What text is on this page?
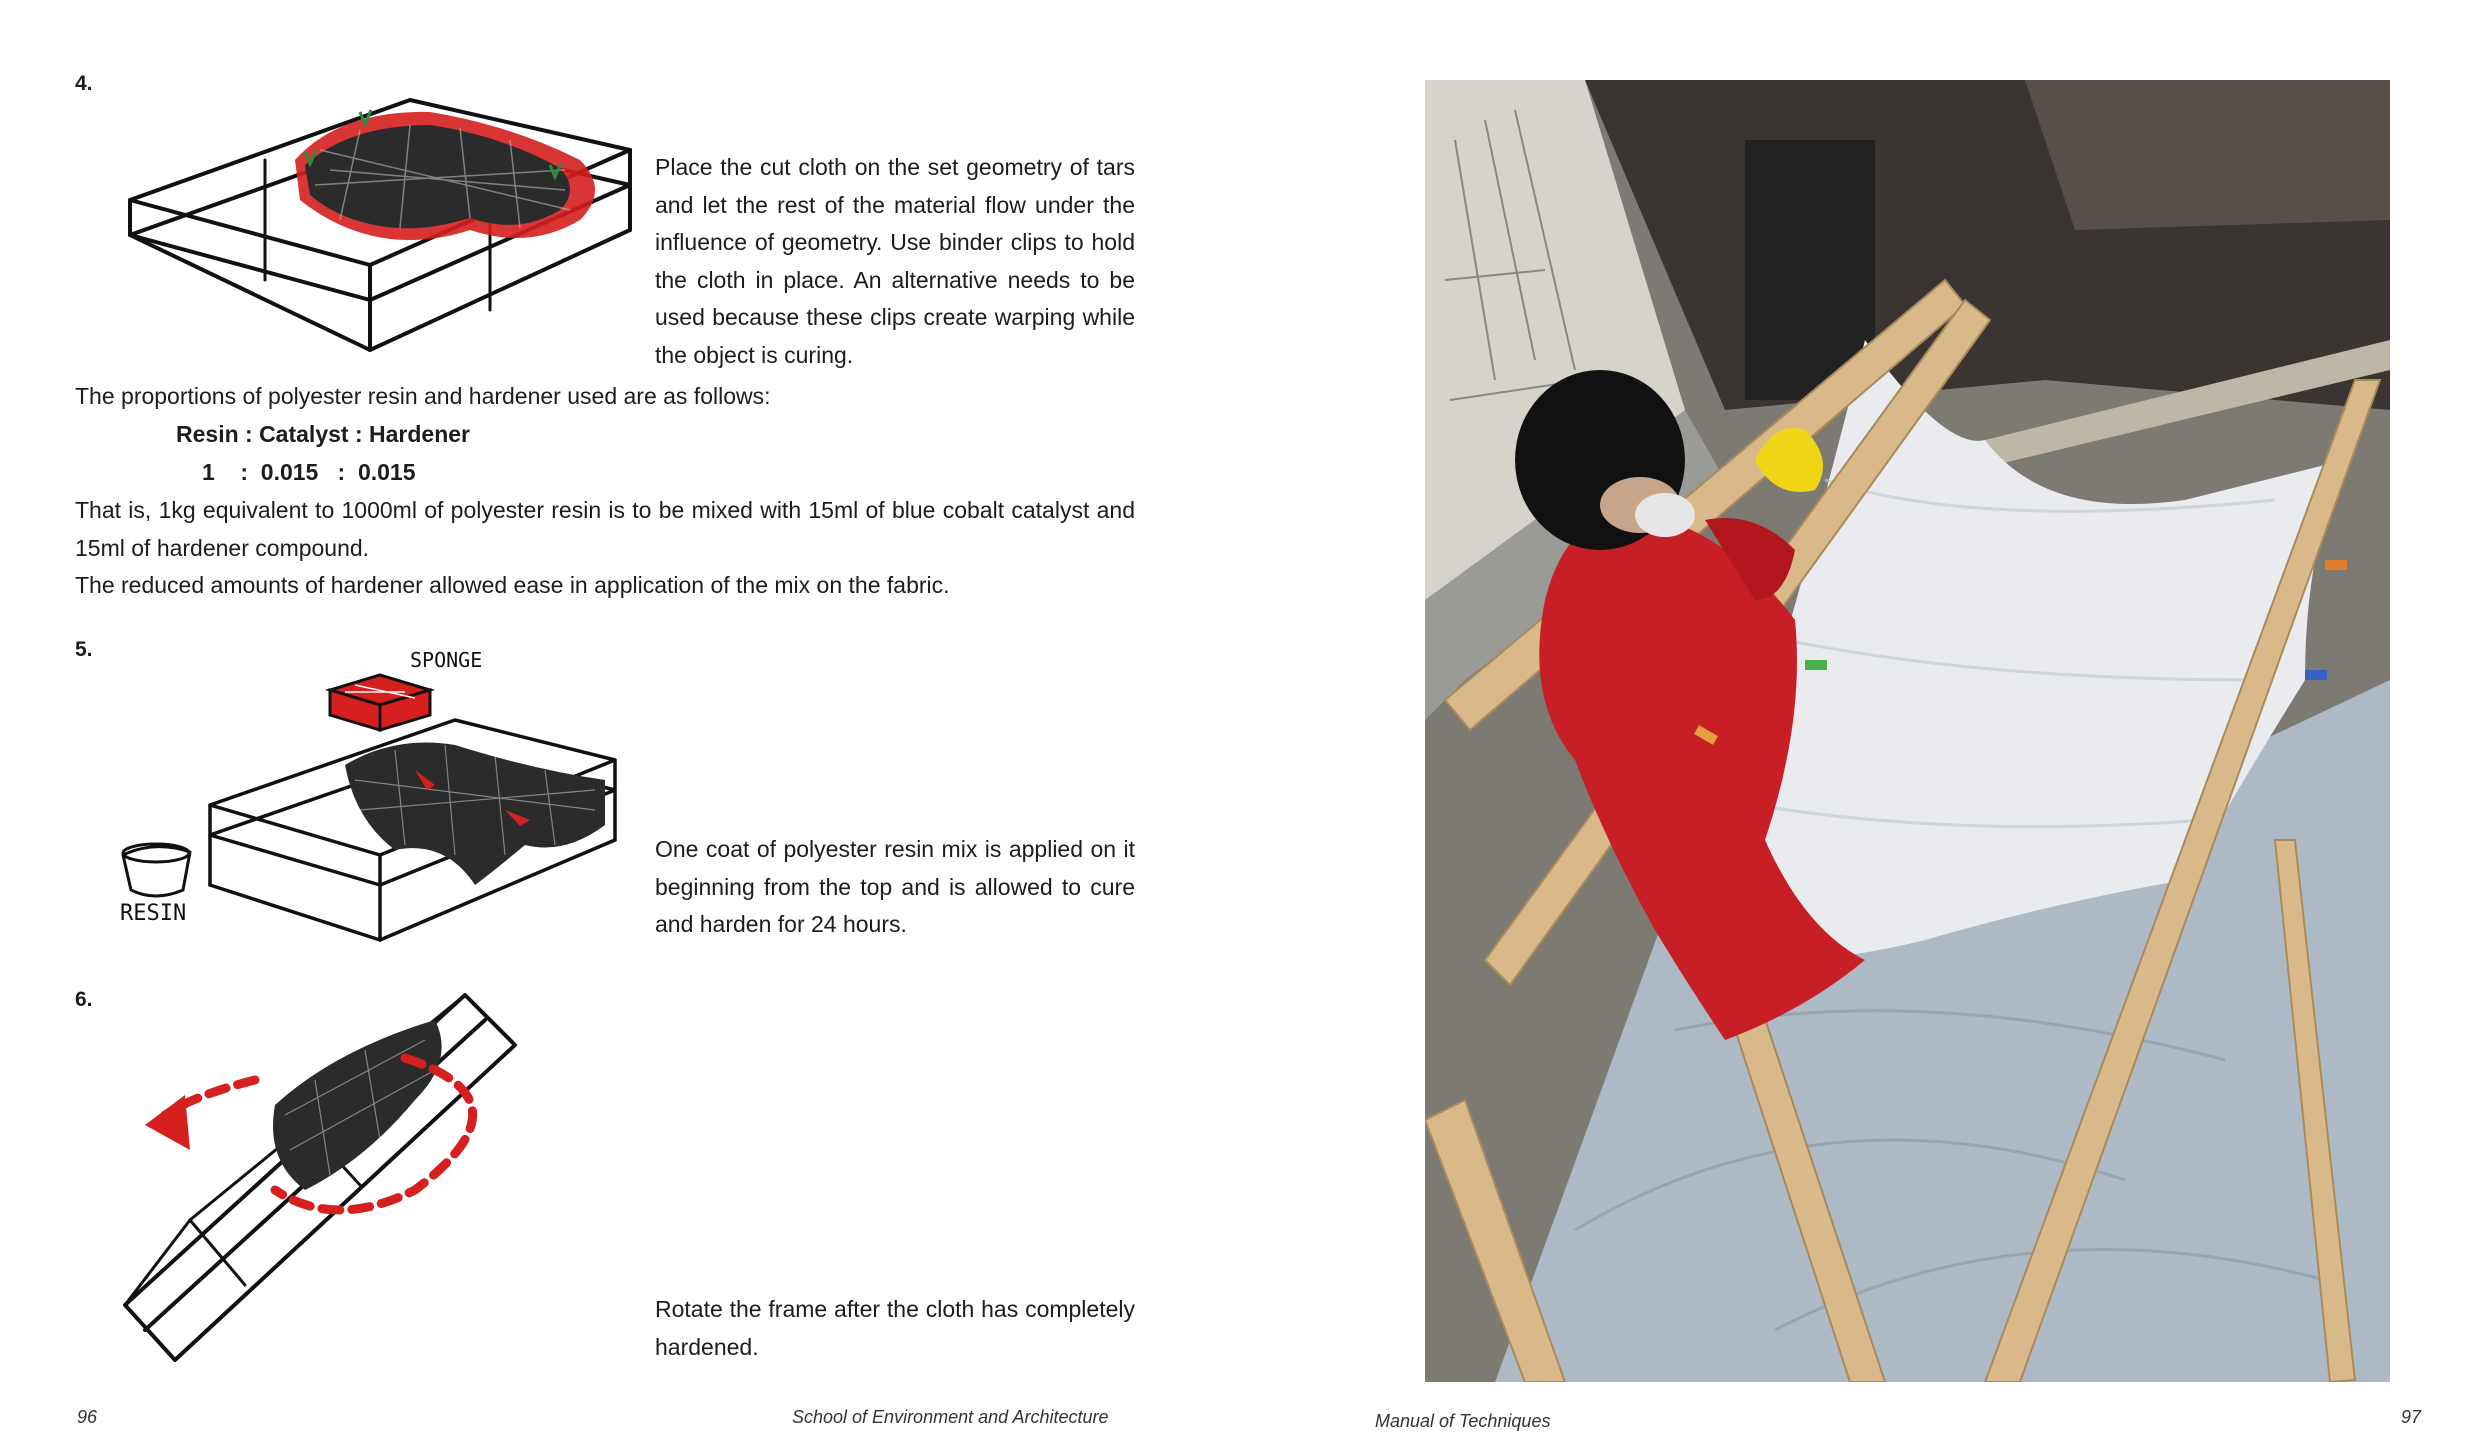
4.
Place the cut cloth on the set geometry of tars and let the rest of the material flow under the influence of geometry. Use binder clips to hold the cloth in place. An alternative needs to be used because these clips create warping while the object is curing.
The proportions of polyester resin and hardener used are as follows:
Resin : Catalyst : Hardener
1    :  0.015   :  0.015
That is, 1kg equivalent to 1000ml of polyester resin is to be mixed with 15ml of blue cobalt catalyst and 15ml of hardener compound.
The reduced amounts of hardener allowed ease in application of the mix on the fabric.
5.	SPONGE
RESIN
One coat of polyester resin mix is applied on it beginning from the top and is allowed to cure and harden for 24 hours.
6.
Rotate the frame after the cloth has completely hardened.
96	School of Environment and Architecture	Manual of Techniques	97
